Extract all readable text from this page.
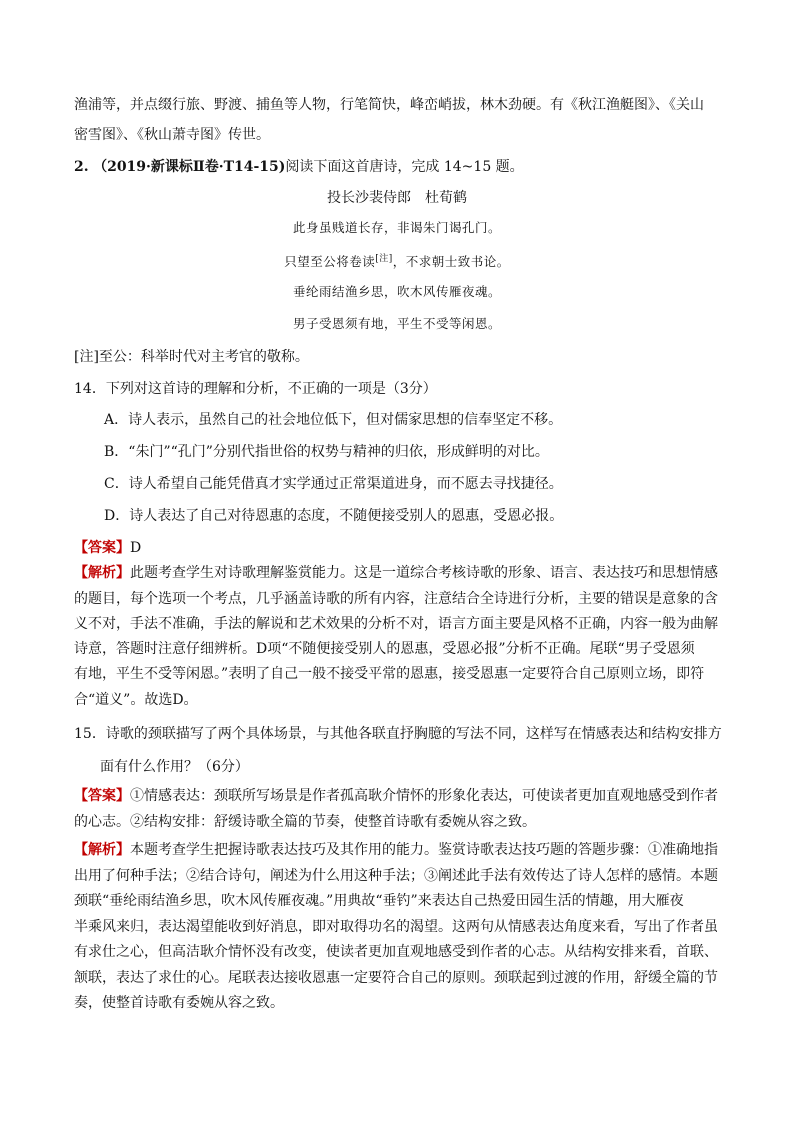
渔浦等，并点缀行旅、野渡、捕鱼等人物，行笔简快，峰峦峭拔，林木劲硬。有《秋江渔艇图》、《关山
密雪图》、《秋山萧寺图》传世。
2. （2019·新课标Ⅱ卷·T14-15)阅读下面这首唐诗，完成 14~15 题。
投长沙裴侍郎　杜荀鹤
此身虽贱道长存，非谒朱门谒孔门。
只望至公将卷读[注]，不求朝士致书论。
垂纶雨结渔乡思，吹木风传雁夜魂。
男子受恩须有地，平生不受等闲恩。
[注]至公：科举时代对主考官的敬称。
14．下列对这首诗的理解和分析，不正确的一项是（3分）
A．诗人表示，虽然自己的社会地位低下，但对儒家思想的信奉坚定不移。
B．“朱门”“孔门”分别代指世俗的权势与精神的归依，形成鲜明的对比。
C．诗人希望自己能凭借真才实学通过正常渠道进身，而不愿去寻找捷径。
D．诗人表达了自己对待恩惠的态度，不随便接受别人的恩惠，受恩必报。
【答案】D
【解析】此题考查学生对诗歌理解鉴赏能力。这是一道综合考核诗歌的形象、语言、表达技巧和思想情感
的题目，每个选项一个考点，几乎涵盖诗歌的所有内容，注意结合全诗进行分析，主要的错误是意象的含
义不对，手法不准确，手法的解说和艺术效果的分析不对，语言方面主要是风格不正确，内容一般为曲解
诗意，答题时注意仔细辨析。D项“不随便接受别人的恩惠，受恩必报”分析不正确。尾联“男子受恩须
有地，平生不受等闲恩。”表明了自己一般不接受平常的恩惠，接受恩惠一定要符合自己原则立场，即符
合“道义”。故选D。
15．诗歌的颈联描写了两个具体场景，与其他各联直抒胸臆的写法不同，这样写在情感表达和结构安排方
面有什么作用？（6分）
【答案】①情感表达：颈联所写场景是作者孤高耿介情怀的形象化表达，可使读者更加直观地感受到作者
的心志。②结构安排：舒缓诗歌全篇的节奏，使整首诗歌有委婉从容之致。
【解析】本题考查学生把握诗歌表达技巧及其作用的能力。鉴赏诗歌表达技巧题的答题步骤：①准确地指
出用了何种手法；②结合诗句，阐述为什么用这种手法；③阐述此手法有效传达了诗人怎样的感情。本题
颈联“垂纶雨结渔乡思，吹木风传雁夜魂。”用典故“垂钓”来表达自己热爱田园生活的情趣，用大雁夜
半乘风来归，表达渴望能收到好消息，即对取得功名的渴望。这两句从情感表达角度来看，写出了作者虽
有求仕之心，但高洁耿介情怀没有改变，使读者更加直观地感受到作者的心志。从结构安排来看，首联、
颔联，表达了求仕的心。尾联表达接收恩惠一定要符合自己的原则。颈联起到过渡的作用，舒缓全篇的节
奏，使整首诗歌有委婉从容之致。
